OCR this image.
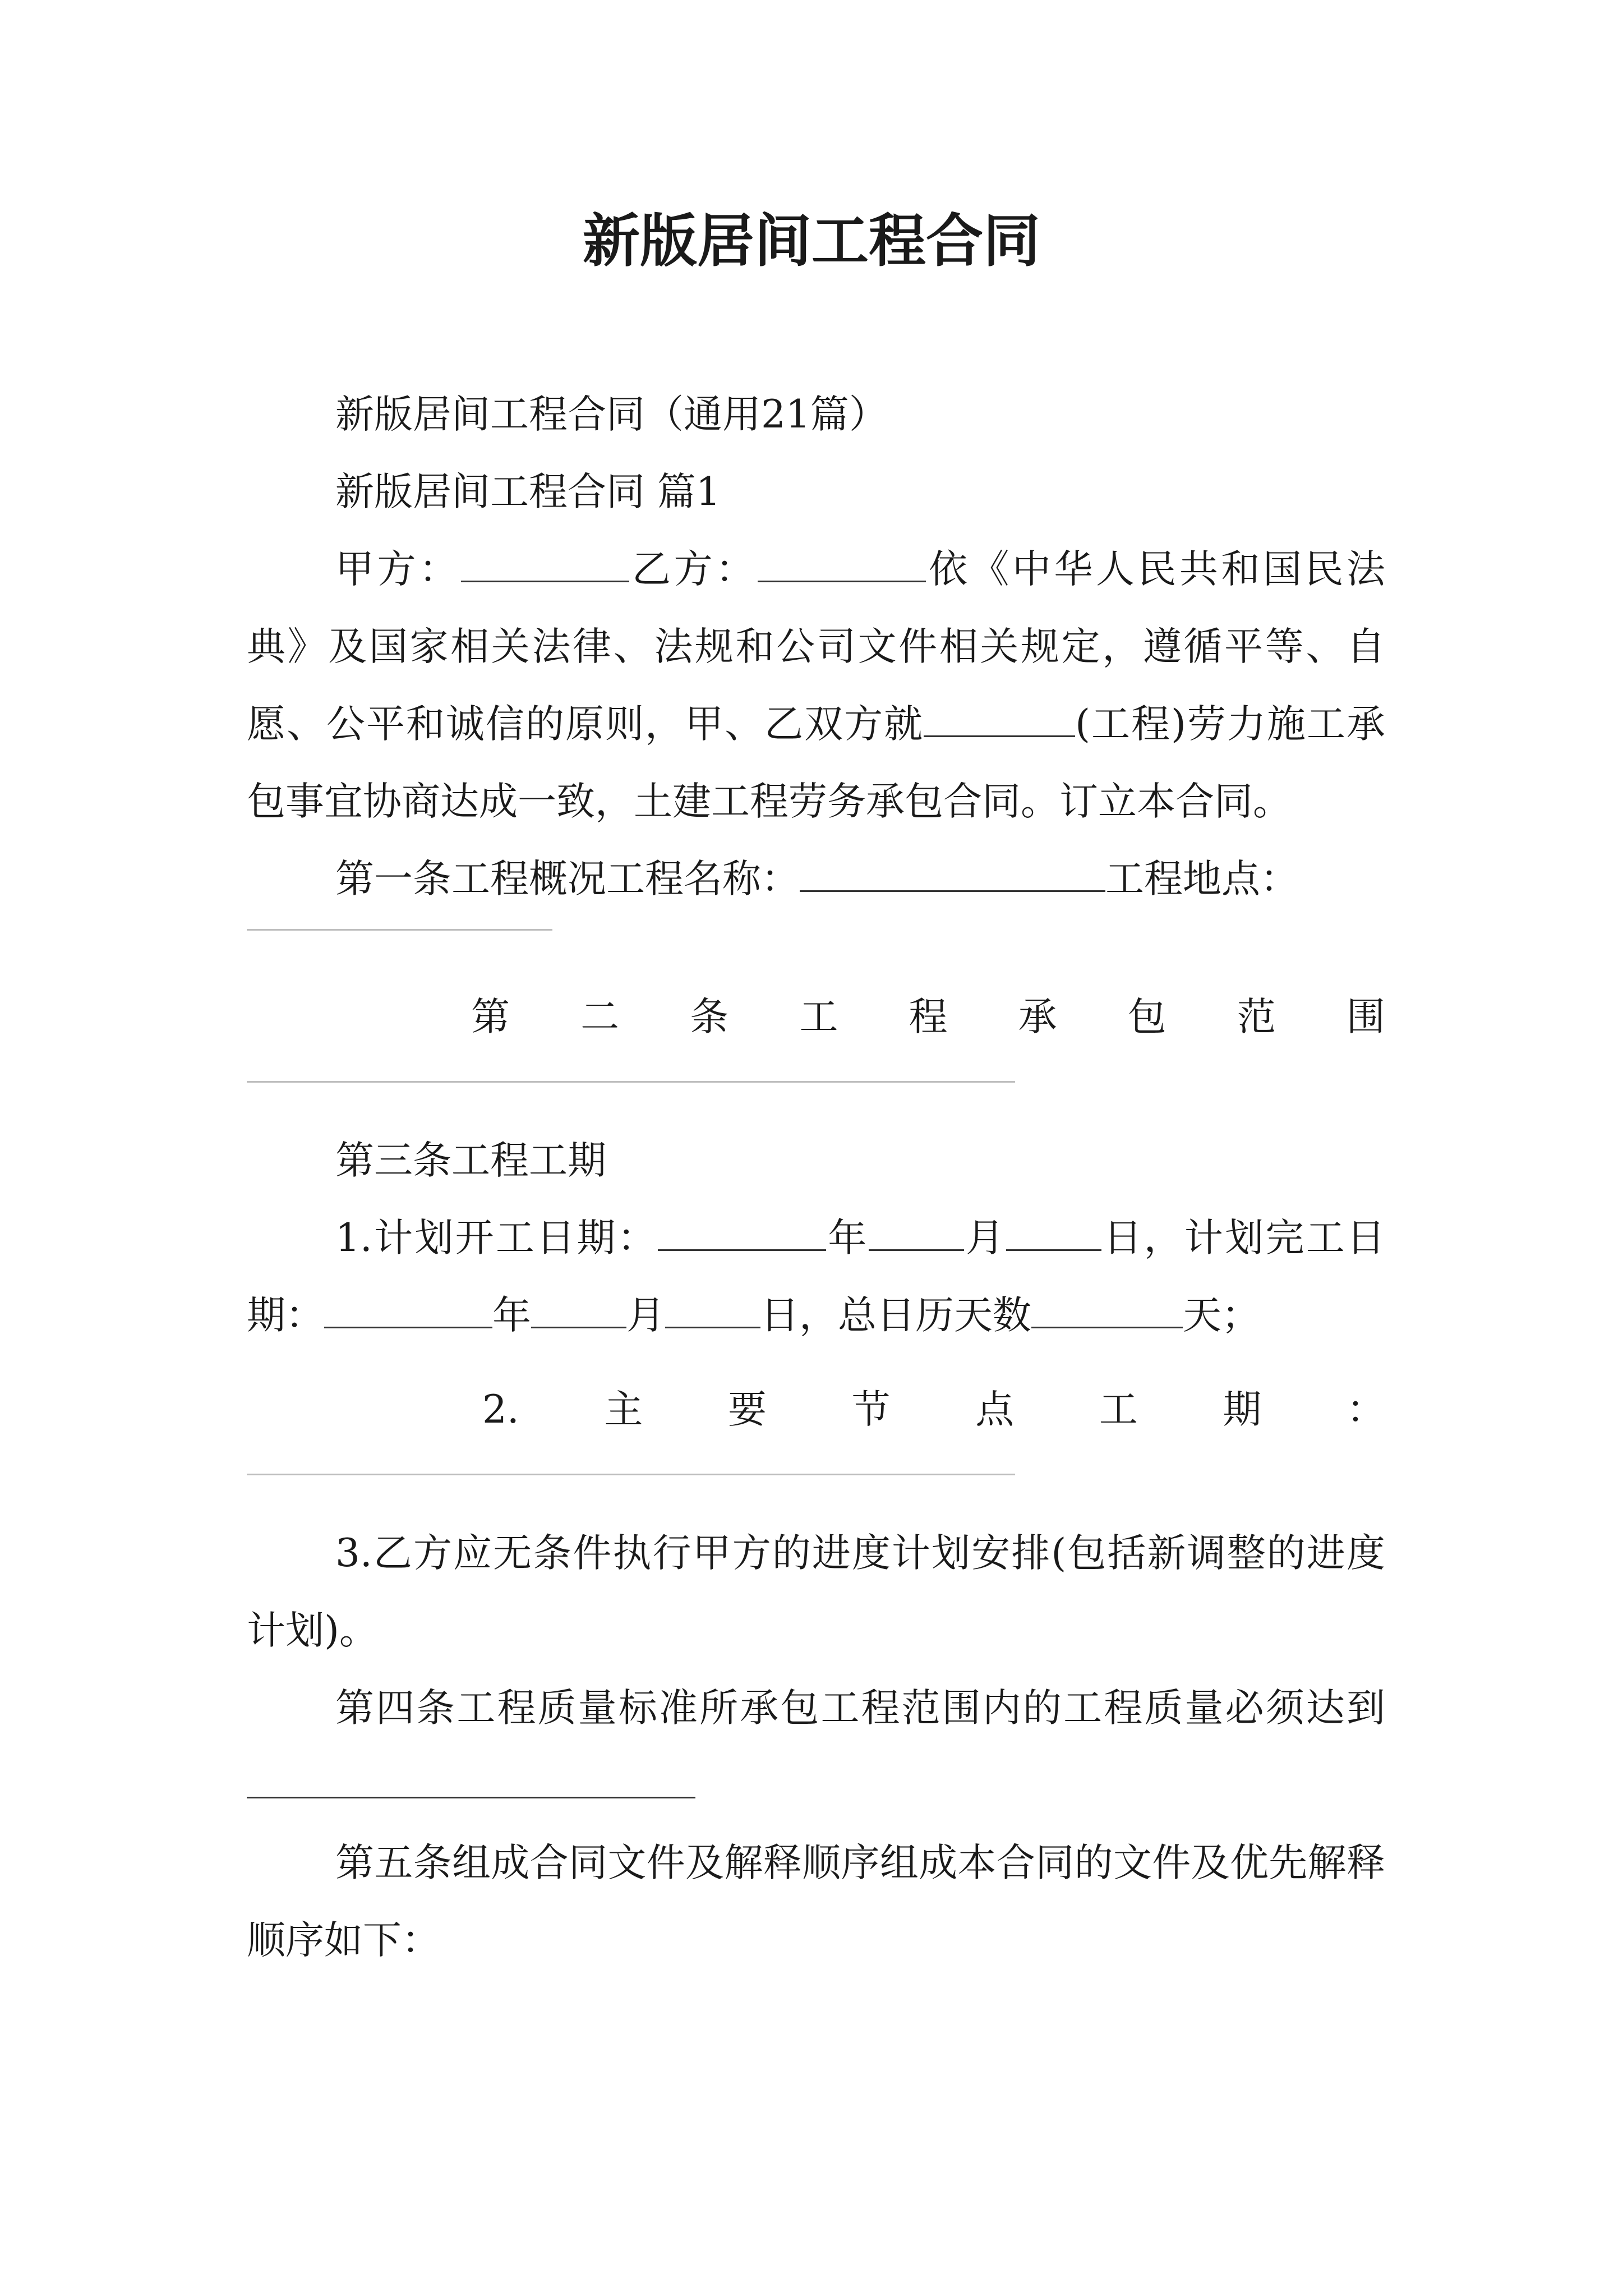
新版居间工程合同

新版居间工程合同（通用21篇）

新版居间工程合同 篇1

甲方：	乙方：	依《中华人民共和国民法典》及国家相关法律、法规和公司文件相关规定，遵循平等、自愿、公平和诚信的原则，甲、乙双方就	(工程)劳力施工承包事宜协商达成一致，土建工程劳务承包合同。订立本合同。

第一条工程概况工程名称：	工程地点：

第 二 条 工 程 承 包 范 围

第三条工程工期

1.计划开工日期：	年 月 日，计划完工日期：	年 月 日，总日历天数	天；

2. 主 要 节 点 工 期 ：

3.乙方应无条件执行甲方的进度计划安排(包括新调整的进度计划)。

第四条工程质量标准所承包工程范围内的工程质量必须达到

第五条组成合同文件及解释顺序组成本合同的文件及优先解释顺序如下：
